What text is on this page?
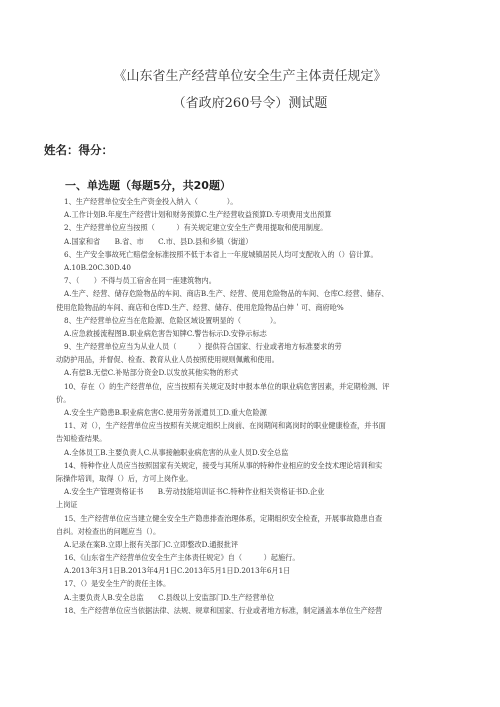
《山东省生产经营单位安全生产主体责任规定》
（省政府260号令）测试题
姓名：得分：
一、单选题（每题5分，共20题）
1、生产经营单位安全生产资金投入纳入（　　　　）。
A.工作计划B.年度生产经营计划和财务预算C.生产经营收益预算D.专项费用支出预算
2、生产经营单位应当按照（　　　）有关规定建立安全生产费用提取和使用制度。
A.国家和省　　B.省、市　　C.市、县D.县和乡镇（街道）
6、生产安全事故死亡赔偿金标准按照不低于本省上一年度城镇居民人均可支配收入的（）倍计算。
A.10B.20C.30D.40
7、（　　）不得与员工宿舍在同一座建筑物内。
A.生产、经营、储存危险物品的车间、商店B.生产、经营、使用危险物品的车间、仓库C.经营、储存、
使用危险物品的车间、商店和仓库D.生产、经营、储存、使用危险物品白伸＇可、商府呛%
8、生产经营单位应当在危险源、危险区域设置明显的（　　　　）。
A.应急救援流程图B.职业病危害告知牌C.警告标示D.安铮示标志
9、生产经营单位应当为从业人员（　　　）提供符合国家、行业或者地方标准要求的劳
动防护用品，并督促、检查、教育从业人员按照使用规则佩戴和使用。
A.有偿B.无偿C.补贴部分资金D.以发放其他实物的形式
10、存在（）的生产经营单位，应当按照有关规定及时申报本单位的职业病危害因素，并定期检测、评
价。
A.安全生产隐患B.职业病危害C.使用劳务派遣员工D.重大危险源
11、对（），生产经营单位应当按照有关规定组织上岗前、在岗期间和离岗时的职业健康检查，并书面
告知检查结果。
A.全体员工B.主要负责人C.从事接触职业病危害的从业人员D.安全总监
14、特种作业人员应当按照国家有关规定，接受与其所从事的特种作业相应的安全技术理论培训和实
际操作培训，取得（）后，方可上岗作业。
A.安全生产管理资格证书　　B.劳动技能培训证书C.特种作业相关资格证书D.企业
上岗证
15、生产经营单位应当建立健全安全生产隐患排查治理体系，定期组织安全检查，开展事故隐患自查
自纠。对检查出的问题应当（）。
A.记录在案B.立即上报有关部门C.立即整改D.通报批评
16、《山东省生产经营单位安全生产主体责任规定》自（　　　）起施行。
A.2013年3月1日B.2013年4月1日C.2013年5月1日D.2013年6月1日
17、（）是安全生产的责任主体。
A.主要负责人B.安全总监　　C.县级以上安监部门D.生产经营单位
18、生产经营单位应当依据法律、法规、规章和国家、行业或者地方标准，制定涵盖本单位生产经营
